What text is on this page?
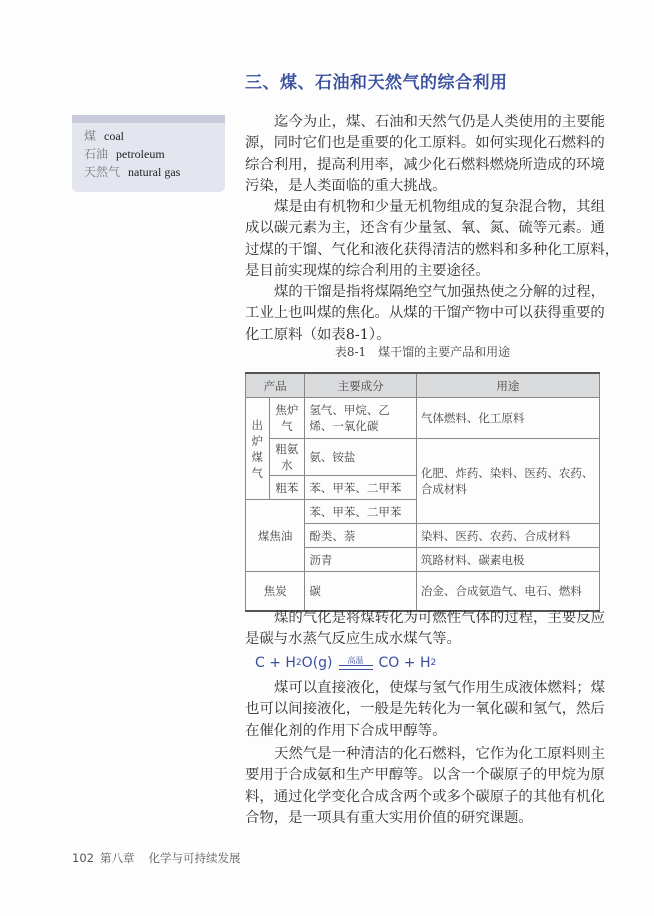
三、煤、石油和天然气的综合利用
煤 coal
石油 petroleum
天然气 natural gas
迄今为止，煤、石油和天然气仍是人类使用的主要能
源，同时它们也是重要的化工原料。如何实现化石燃料的
综合利用，提高利用率，减少化石燃料燃烧所造成的环境
污染，是人类面临的重大挑战。
煤是由有机物和少量无机物组成的复杂混合物，其组
成以碳元素为主，还含有少量氢、氧、氮、硫等元素。通
过煤的干馏、气化和液化获得清洁的燃料和多种化工原料，
是目前实现煤的综合利用的主要途径。
煤的干馏是指将煤隔绝空气加强热使之分解的过程，
工业上也叫煤的焦化。从煤的干馏产物中可以获得重要的
化工原料（如表8-1）。
表8-1　煤干馏的主要产品和用途
产品		主要成分	用途
出炉煤气	焦炉气	氢气、甲烷、乙烯、一氧化碳	气体燃料、化工原料
	粗氨水	氨、铵盐	化肥、炸药、染料、医药、农药、合成材料
	粗苯	苯、甲苯、二甲苯	
煤焦油		苯、甲苯、二甲苯	
		酚类、萘	染料、医药、农药、合成材料
		沥青	筑路材料、碳素电极
焦炭		碳	冶金、合成氨造气、电石、燃料
煤的气化是将煤转化为可燃性气体的过程，主要反应
是碳与水蒸气反应生成水煤气等。
C + H 2 O(g) 高温 CO + H 2
煤可以直接液化，使煤与氢气作用生成液体燃料；煤
也可以间接液化，一般是先转化为一氧化碳和氢气，然后
在催化剂的作用下合成甲醇等。
天然气是一种清洁的化石燃料，它作为化工原料则主
要用于合成氨和生产甲醇等。以含一个碳原子的甲烷为原
料，通过化学变化合成含两个或多个碳原子的其他有机化
合物，是一项具有重大实用价值的研究课题。
102 第八章 化学与可持续发展
